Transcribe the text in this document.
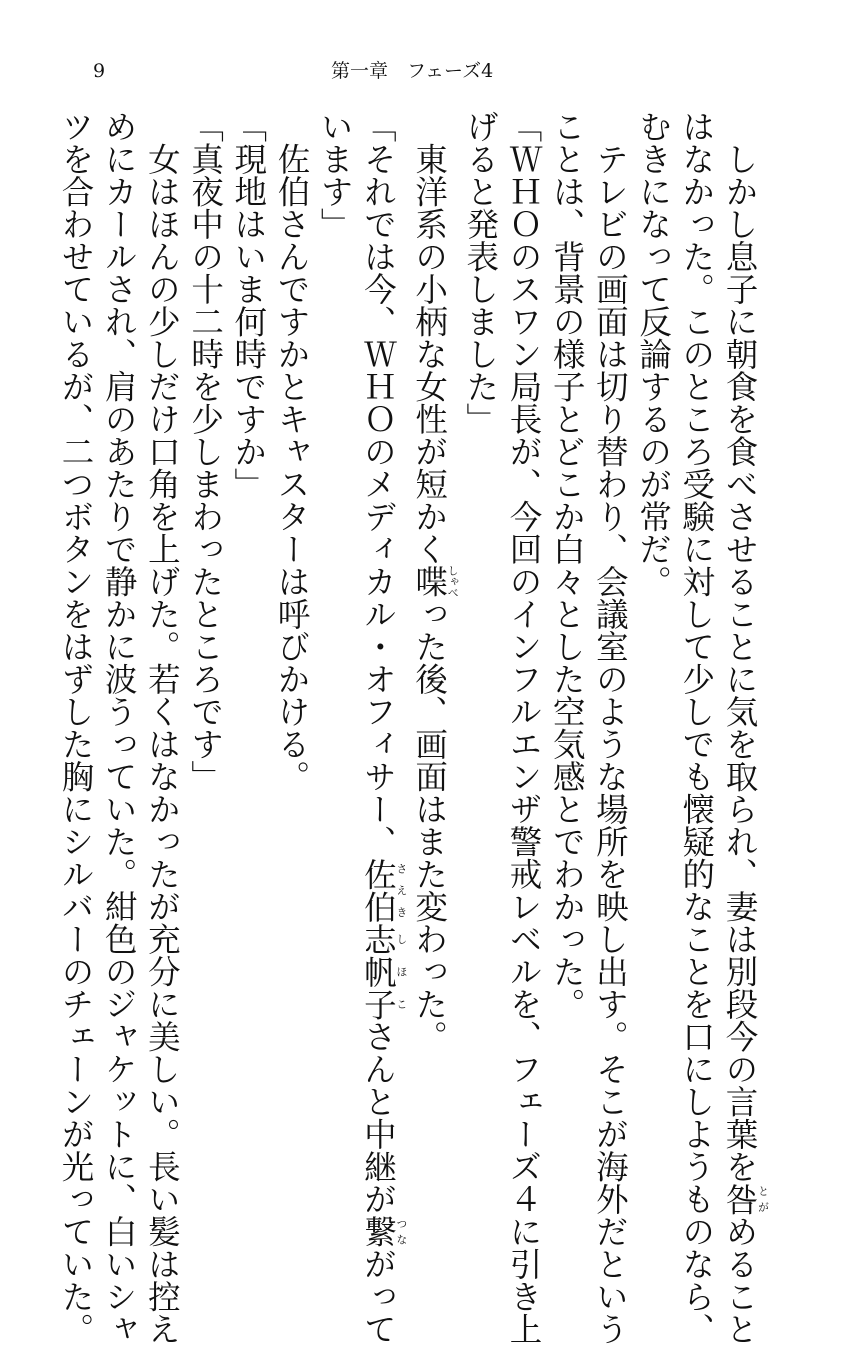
9	第一章　フェーズ4
　しかし息子に朝食を食べさせることに気を取られ、妻は別段今の言葉を咎とがめること
はなかった。このところ受験に対して少しでも懐疑的なことを口にしようものなら、
むきになって反論するのが常だ。
　テレビの画面は切り替わり、会議室のような場所を映し出す。そこが海外だという
ことは、背景の様子とどこか白々とした空気感とでわかった。
「ＷＨＯのスワン局長が、今回のインフルエンザ警戒レベルを、フェーズ４に引き上
げると発表しました」
　東洋系の小柄な女性が短かく喋しゃべった後、画面はまた変わった。
「それでは今、ＷＨＯのメディカル・オフィサー、佐伯さえき志帆子しほこさんと中継が繋つながって
います」
　佐伯さんですかとキャスターは呼びかける。
「現地はいま何時ですか」
「真夜中の十二時を少しまわったところです」
　女はほんの少しだけ口角を上げた。若くはなかったが充分に美しい。長い髪は控え
めにカールされ、肩のあたりで静かに波うっていた。紺色のジャケットに、白いシャ
ツを合わせているが、二つボタンをはずした胸にシルバーのチェーンが光っていた。
